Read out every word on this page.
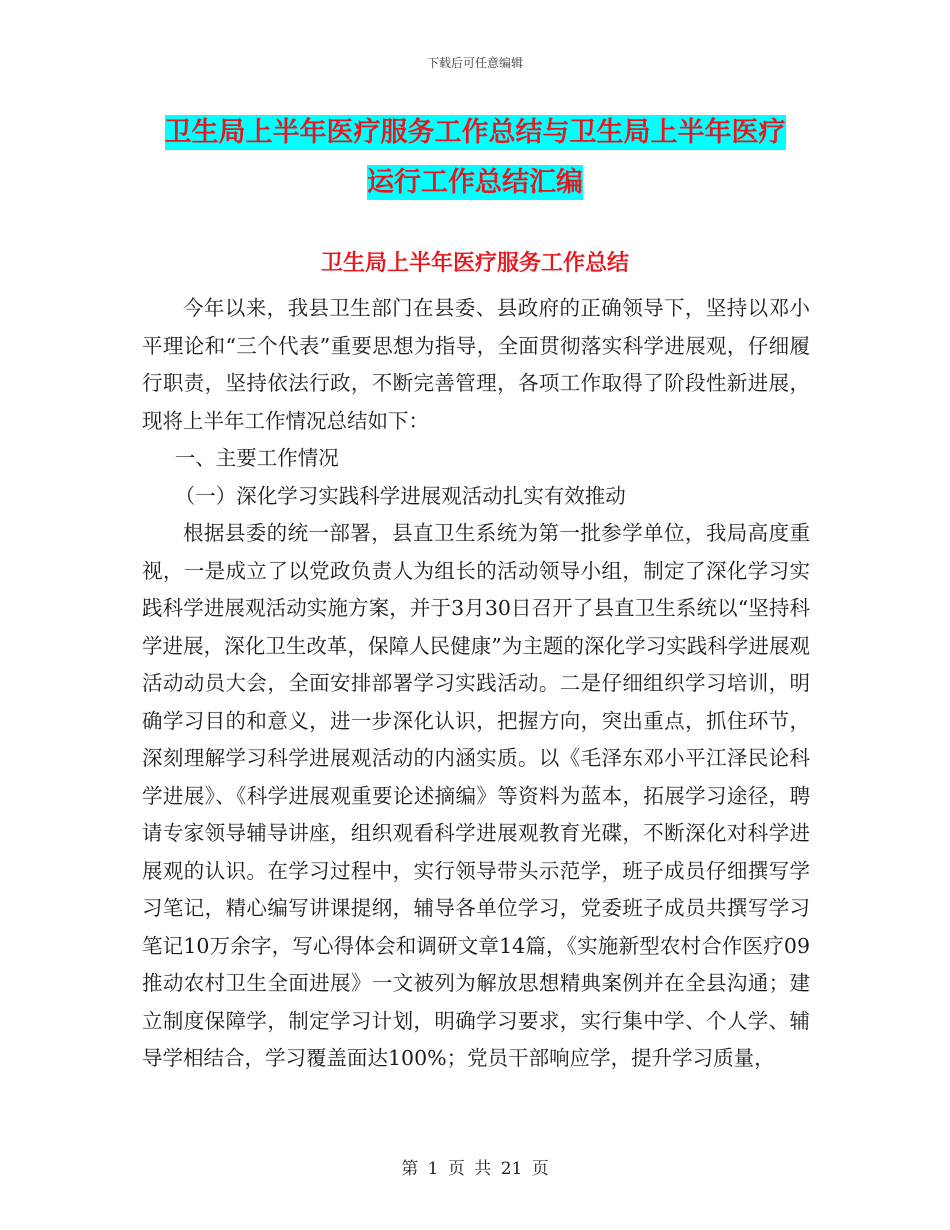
下载后可任意编辑
卫生局上半年医疗服务工作总结与卫生局上半年医疗
运行工作总结汇编
卫生局上半年医疗服务工作总结

今年以来，我县卫生部门在县委、县政府的正确领导下，坚持以邓小平理论和“三个代表”重要思想为指导，全面贯彻落实科学进展观，仔细履行职责，坚持依法行政，不断完善管理，各项工作取得了阶段性新进展，现将上半年工作情况总结如下：

一、主要工作情况

（一）深化学习实践科学进展观活动扎实有效推动

根据县委的统一部署，县直卫生系统为第一批参学单位，我局高度重视，一是成立了以党政负责人为组长的活动领导小组，制定了深化学习实践科学进展观活动实施方案，并于3月30日召开了县直卫生系统以“坚持科学进展，深化卫生改革，保障人民健康”为主题的深化学习实践科学进展观活动动员大会，全面安排部署学习实践活动。二是仔细组织学习培训，明确学习目的和意义，进一步深化认识，把握方向，突出重点，抓住环节，深刻理解学习科学进展观活动的内涵实质。以《毛泽东邓小平江泽民论科学进展》、《科学进展观重要论述摘编》等资料为蓝本，拓展学习途径，聘请专家领导辅导讲座，组织观看科学进展观教育光碟，不断深化对科学进展观的认识。在学习过程中，实行领导带头示范学，班子成员仔细撰写学习笔记，精心编写讲课提纲，辅导各单位学习，党委班子成员共撰写学习笔记10万余字，写心得体会和调研文章14篇，《实施新型农村合作医疗09推动农村卫生全面进展》一文被列为解放思想精典案例并在全县沟通；建立制度保障学，制定学习计划，明确学习要求，实行集中学、个人学、辅导学相结合，学习覆盖面达100%；党员干部响应学，提升学习质量，

第 1 页 共 21 页
